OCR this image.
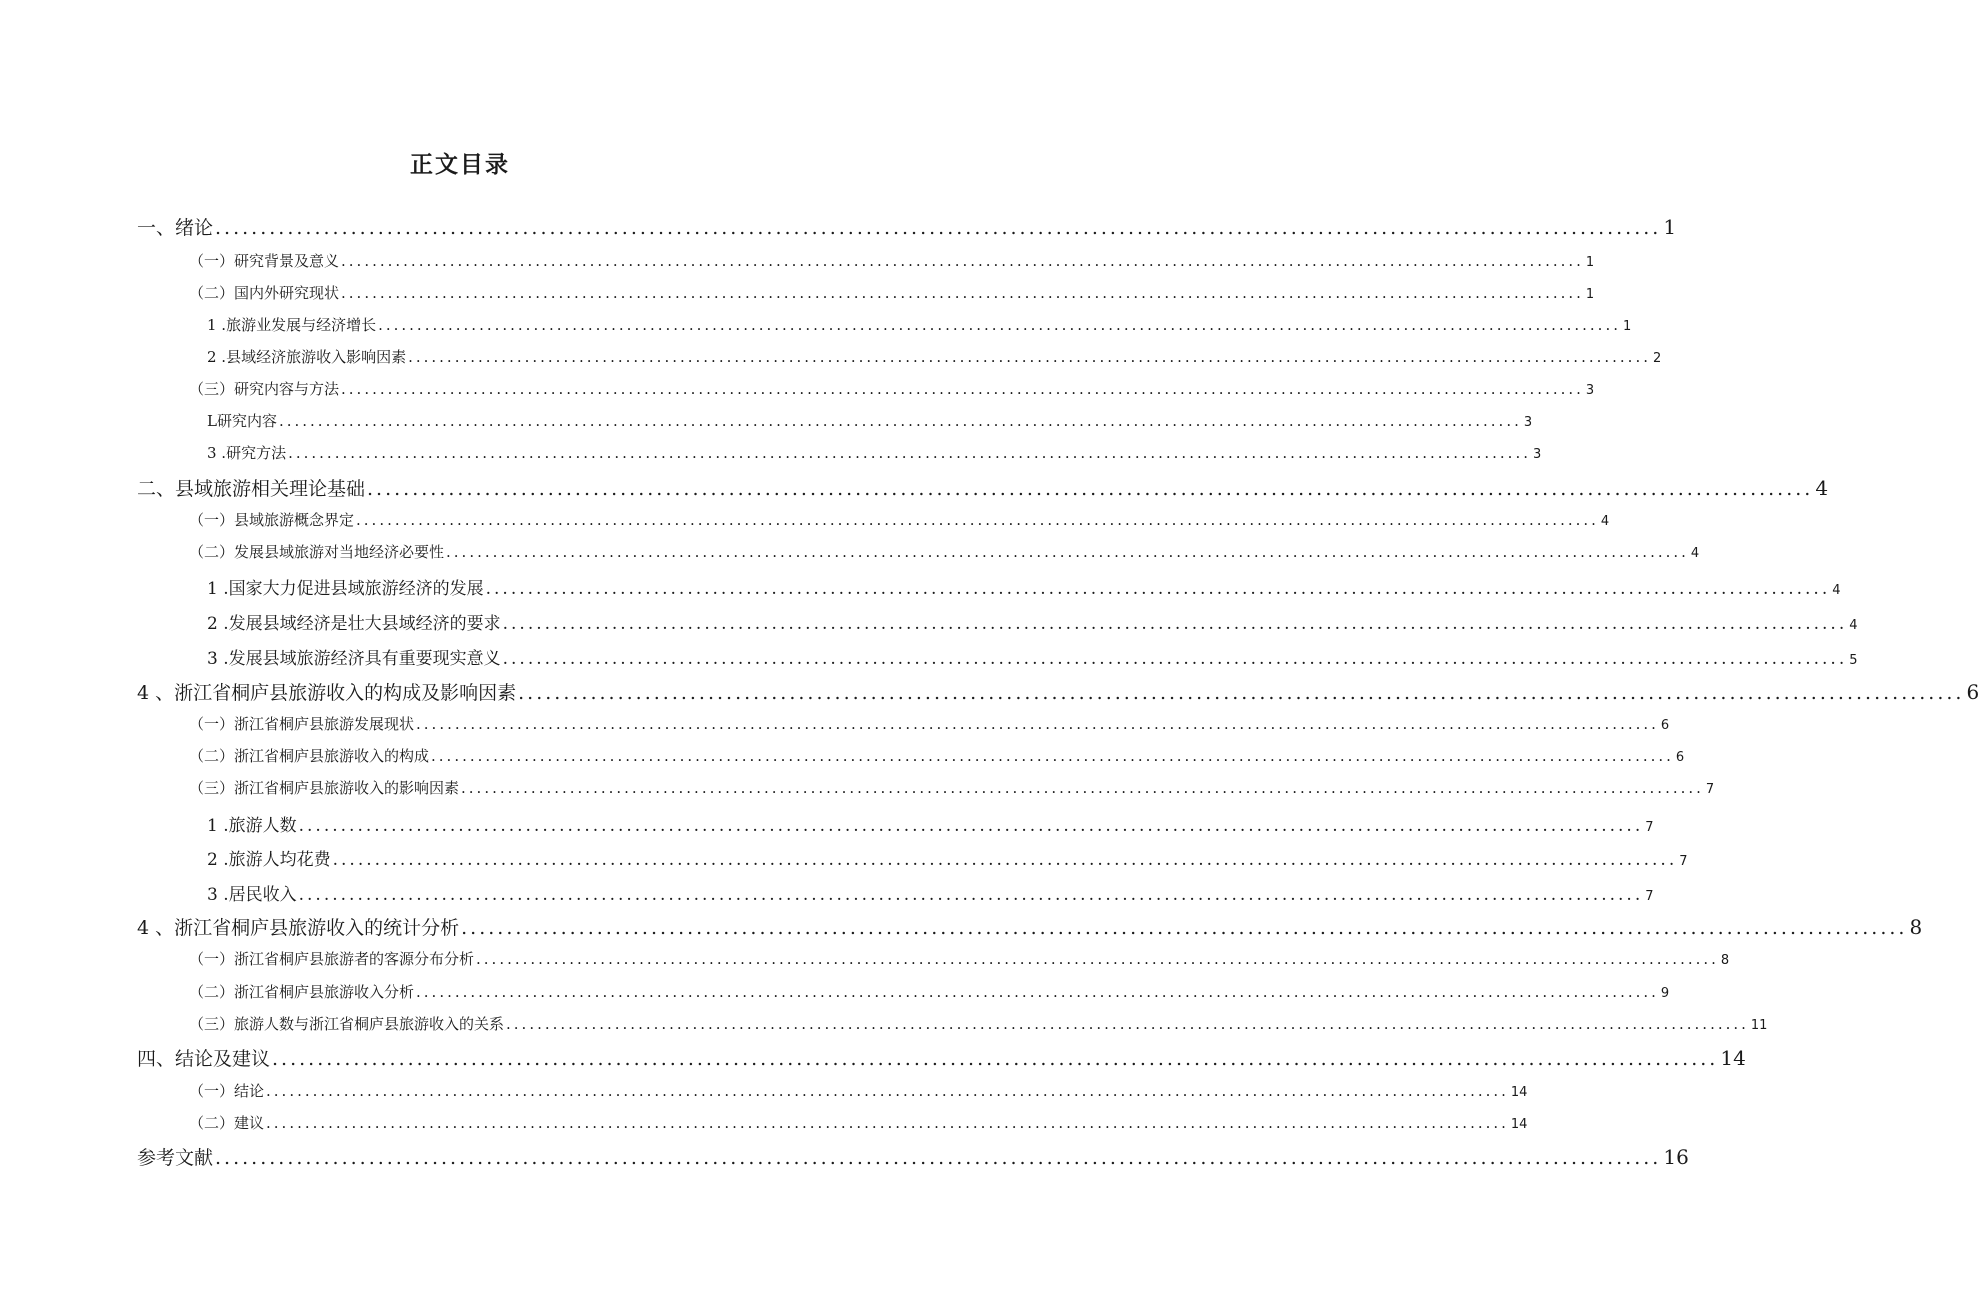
正文目录
一、绪论 ................................................................................................................................................................ 1
（一）研究背景及意义 ................................................................................................................................................................ 1
（二）国内外研究现状 ................................................................................................................................................................ 1
1 .旅游业发展与经济增长 ................................................................................................................................................................ 1
2 .县域经济旅游收入影响因素 ................................................................................................................................................................ 2
（三）研究内容与方法 ................................................................................................................................................................ 3
L研究内容 ................................................................................................................................................................ 3
3 .研究方法 ................................................................................................................................................................ 3
二、县域旅游相关理论基础 ................................................................................................................................................................ 4
（一）县域旅游概念界定 ................................................................................................................................................................ 4
（二）发展县域旅游对当地经济必要性 ................................................................................................................................................................ 4
1 .国家大力促进县域旅游经济的发展 ................................................................................................................................................................ 4
2 .发展县域经济是壮大县域经济的要求 ................................................................................................................................................................ 4
3 .发展县域旅游经济具有重要现实意义 ................................................................................................................................................................ 5
4 、浙江省桐庐县旅游收入的构成及影响因素 ................................................................................................................................................................ 6
（一）浙江省桐庐县旅游发展现状 ................................................................................................................................................................ 6
（二）浙江省桐庐县旅游收入的构成 ................................................................................................................................................................ 6
（三）浙江省桐庐县旅游收入的影响因素 ................................................................................................................................................................ 7
1 .旅游人数 ................................................................................................................................................................ 7
2 .旅游人均花费 ................................................................................................................................................................ 7
3 .居民收入 ................................................................................................................................................................ 7
4 、浙江省桐庐县旅游收入的统计分析 ................................................................................................................................................................ 8
（一）浙江省桐庐县旅游者的客源分布分析 ................................................................................................................................................................ 8
（二）浙江省桐庐县旅游收入分析 ................................................................................................................................................................ 9
（三）旅游人数与浙江省桐庐县旅游收入的关系 ................................................................................................................................................................ 11
四、结论及建议 ................................................................................................................................................................ 14
（一）结论 ................................................................................................................................................................ 14
（二）建议 ................................................................................................................................................................ 14
参考文献 ................................................................................................................................................................ 16
